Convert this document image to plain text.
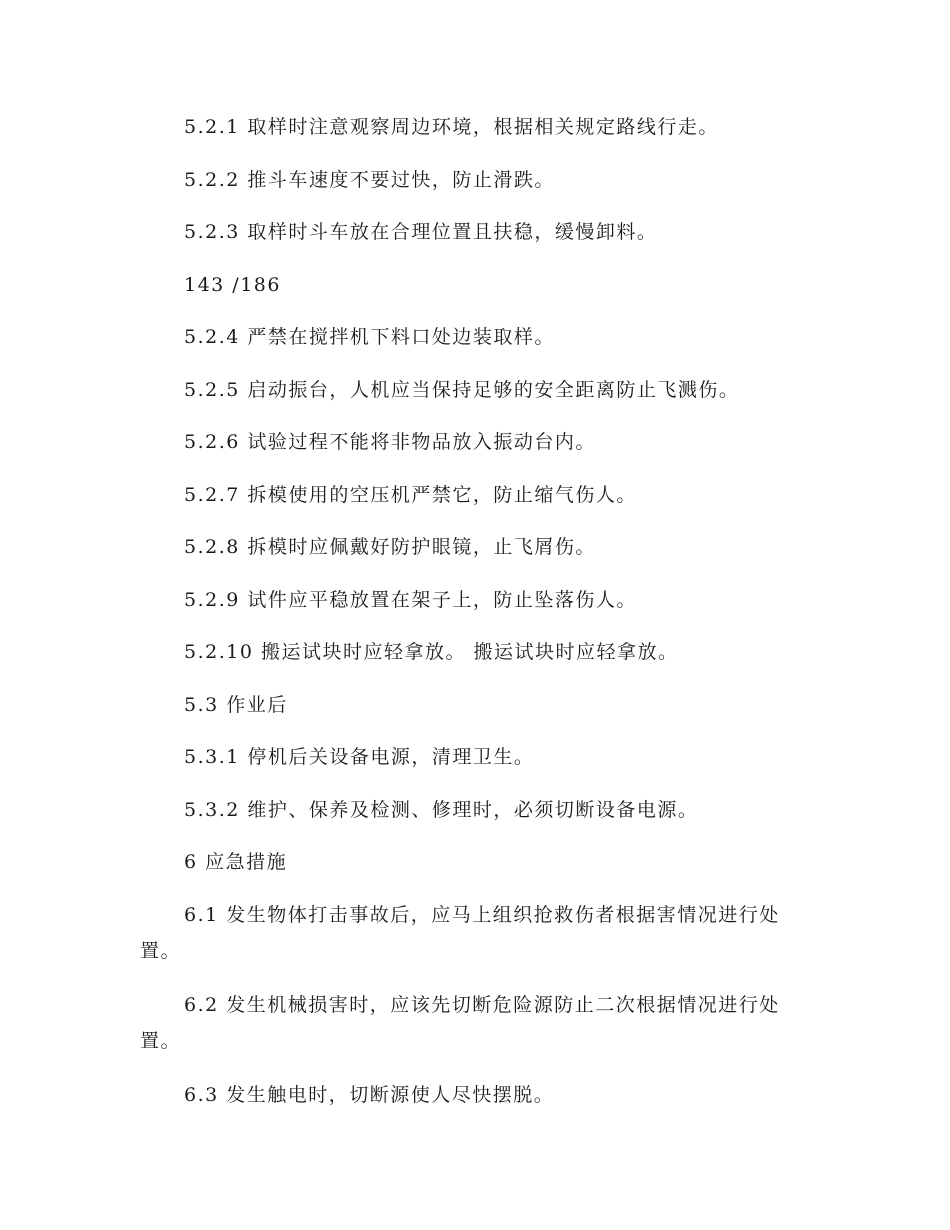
5.2.1 取样时注意观察周边环境，根据相关规定路线行走。
5.2.2 推斗车速度不要过快，防止滑跌。
5.2.3 取样时斗车放在合理位置且扶稳，缓慢卸料。
143 /186
5.2.4 严禁在搅拌机下料口处边装取样。
5.2.5 启动振台，人机应当保持足够的安全距离防止飞溅伤。
5.2.6 试验过程不能将非物品放入振动台内。
5.2.7 拆模使用的空压机严禁它，防止缩气伤人。
5.2.8 拆模时应佩戴好防护眼镜，止飞屑伤。
5.2.9 试件应平稳放置在架子上，防止坠落伤人。
5.2.10 搬运试块时应轻拿放。 搬运试块时应轻拿放。
5.3 作业后
5.3.1 停机后关设备电源，清理卫生。
5.3.2 维护、保养及检测、修理时，必须切断设备电源。
6 应急措施
6.1 发生物体打击事故后，应马上组织抢救伤者根据害情况进行处置。
6.2 发生机械损害时，应该先切断危险源防止二次根据情况进行处置。
6.3 发生触电时，切断源使人尽快摆脱。
